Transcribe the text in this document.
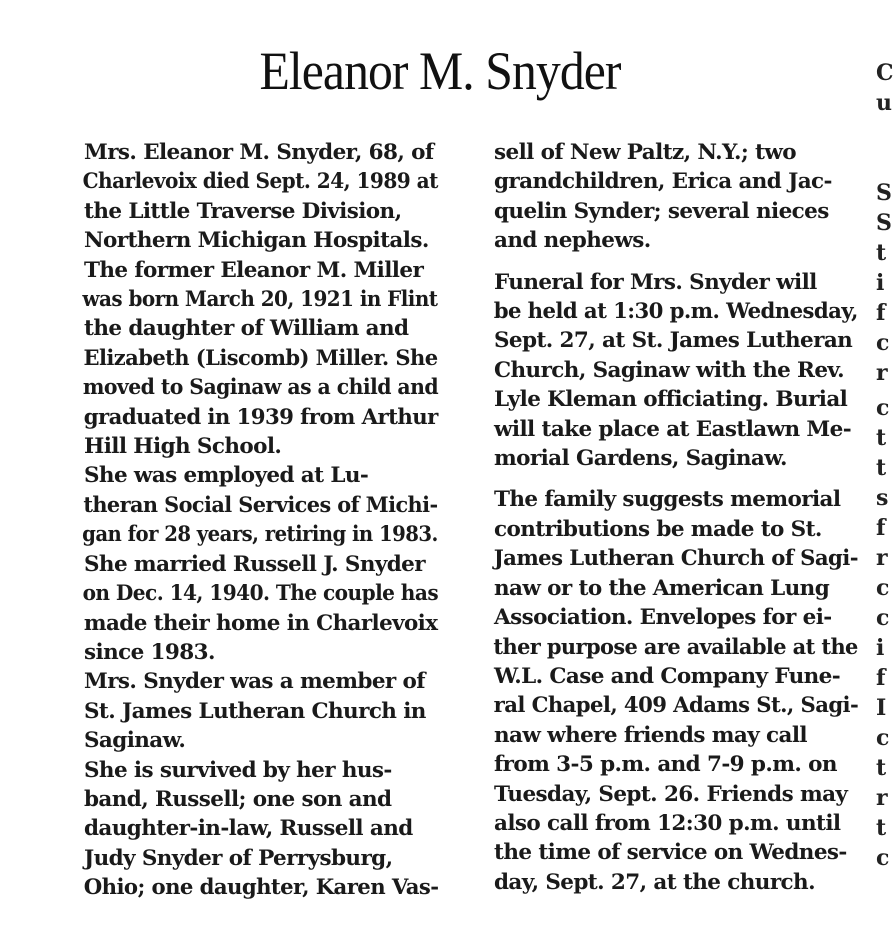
Eleanor M. Snyder
Mrs. Eleanor M. Snyder, 68, of
Charlevoix died Sept. 24, 1989 at
the Little Traverse Division,
Northern Michigan Hospitals.
The former Eleanor M. Miller
was born March 20, 1921 in Flint
the daughter of William and
Elizabeth (Liscomb) Miller. She
moved to Saginaw as a child and
graduated in 1939 from Arthur
Hill High School.
She was employed at Lu-
theran Social Services of Michi-
gan for 28 years, retiring in 1983.
She married Russell J. Snyder
on Dec. 14, 1940. The couple has
made their home in Charlevoix
since 1983.
Mrs. Snyder was a member of
St. James Lutheran Church in
Saginaw.
She is survived by her hus-
band, Russell; one son and
daughter-in-law, Russell and
Judy Snyder of Perrysburg,
Ohio; one daughter, Karen Vas-
sell of New Paltz, N.Y.; two
grandchildren, Erica and Jac-
quelin Synder; several nieces
and nephews.
Funeral for Mrs. Snyder will
be held at 1:30 p.m. Wednesday,
Sept. 27, at St. James Lutheran
Church, Saginaw with the Rev.
Lyle Kleman officiating. Burial
will take place at Eastlawn Me-
morial Gardens, Saginaw.
The family suggests memorial
contributions be made to St.
James Lutheran Church of Sagi-
naw or to the American Lung
Association. Envelopes for ei-
ther purpose are available at the
W.L. Case and Company Fune-
ral Chapel, 409 Adams St., Sagi-
naw where friends may call
from 3-5 p.m. and 7-9 p.m. on
Tuesday, Sept. 26. Friends may
also call from 12:30 p.m. until
the time of service on Wednes-
day, Sept. 27, at the church.
C
u
S
S
t
i
f
c
r
c
t
t
s
f
r
c
c
i
f
I
c
t
r
t
c
